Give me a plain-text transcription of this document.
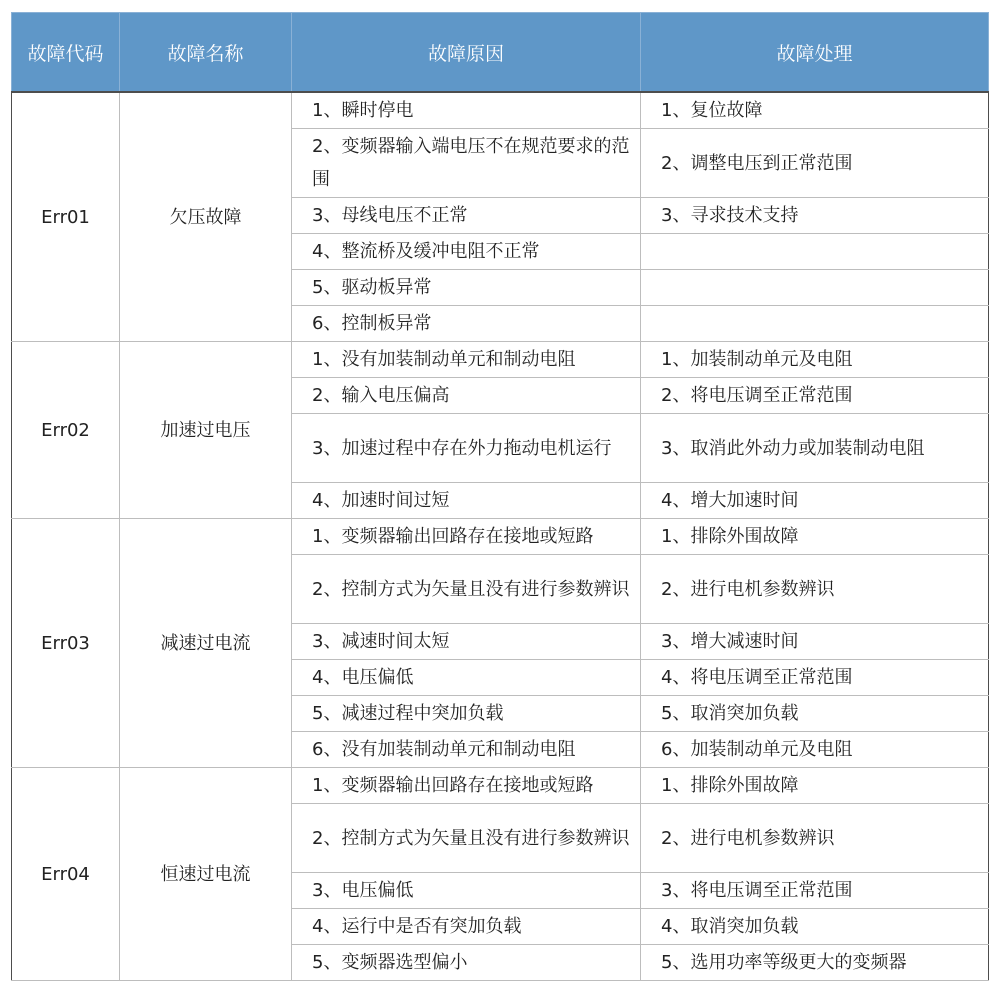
故障代码	故障名称	故障原因	故障处理
Err01	欠压故障	1、瞬时停电	1、复位故障
		2、变频器输入端电压不在规范要求的范围	2、调整电压到正常范围
		3、母线电压不正常	3、寻求技术支持
		4、整流桥及缓冲电阻不正常	
		5、驱动板异常	
		6、控制板异常	
Err02	加速过电压	1、没有加装制动单元和制动电阻	1、加装制动单元及电阻
		2、输入电压偏高	2、将电压调至正常范围
		3、加速过程中存在外力拖动电机运行	3、取消此外动力或加装制动电阻
		4、加速时间过短	4、增大加速时间
Err03	减速过电流	1、变频器输出回路存在接地或短路	1、排除外围故障
		2、控制方式为矢量且没有进行参数辨识	2、进行电机参数辨识
		3、减速时间太短	3、增大减速时间
		4、电压偏低	4、将电压调至正常范围
		5、减速过程中突加负载	5、取消突加负载
		6、没有加装制动单元和制动电阻	6、加装制动单元及电阻
Err04	恒速过电流	1、变频器输出回路存在接地或短路	1、排除外围故障
		2、控制方式为矢量且没有进行参数辨识	2、进行电机参数辨识
		3、电压偏低	3、将电压调至正常范围
		4、运行中是否有突加负载	4、取消突加负载
		5、变频器选型偏小	5、选用功率等级更大的变频器
